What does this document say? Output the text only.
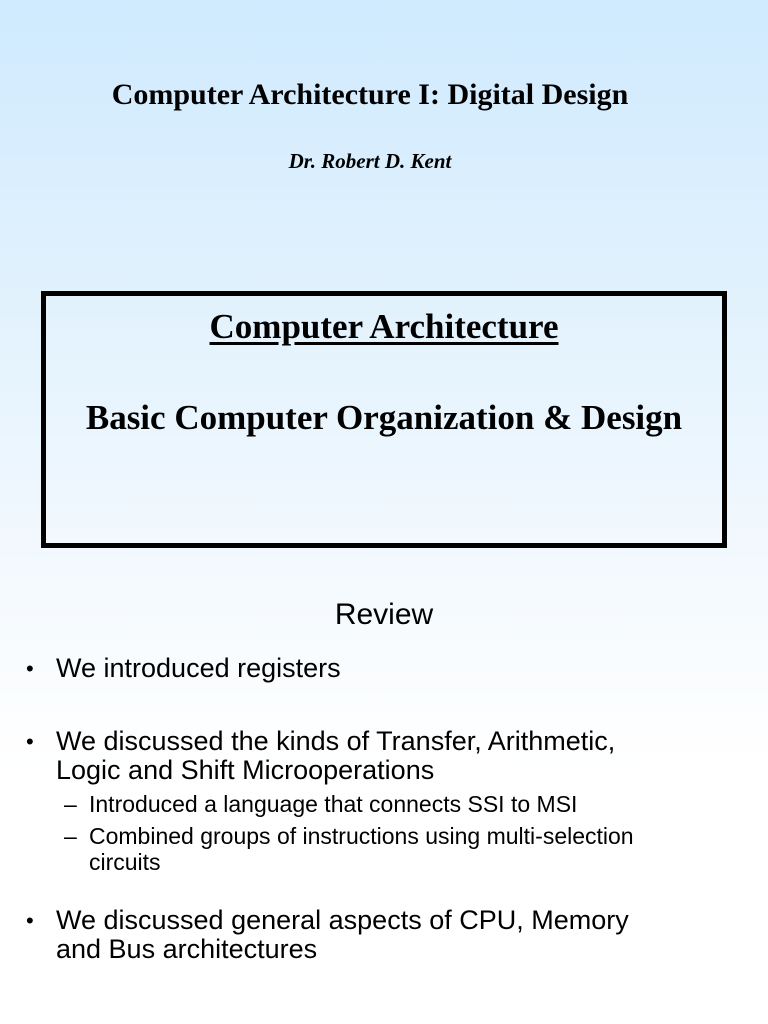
Computer Architecture I: Digital Design
Dr. Robert D. Kent
Computer Architecture
Basic Computer Organization & Design
Review
• We introduced registers
• We discussed the kinds of Transfer, Arithmetic,
Logic and Shift Microoperations
– Introduced a language that connects SSI to MSI
– Combined groups of instructions using multi-selection
circuits
• We discussed general aspects of CPU, Memory
and Bus architectures
